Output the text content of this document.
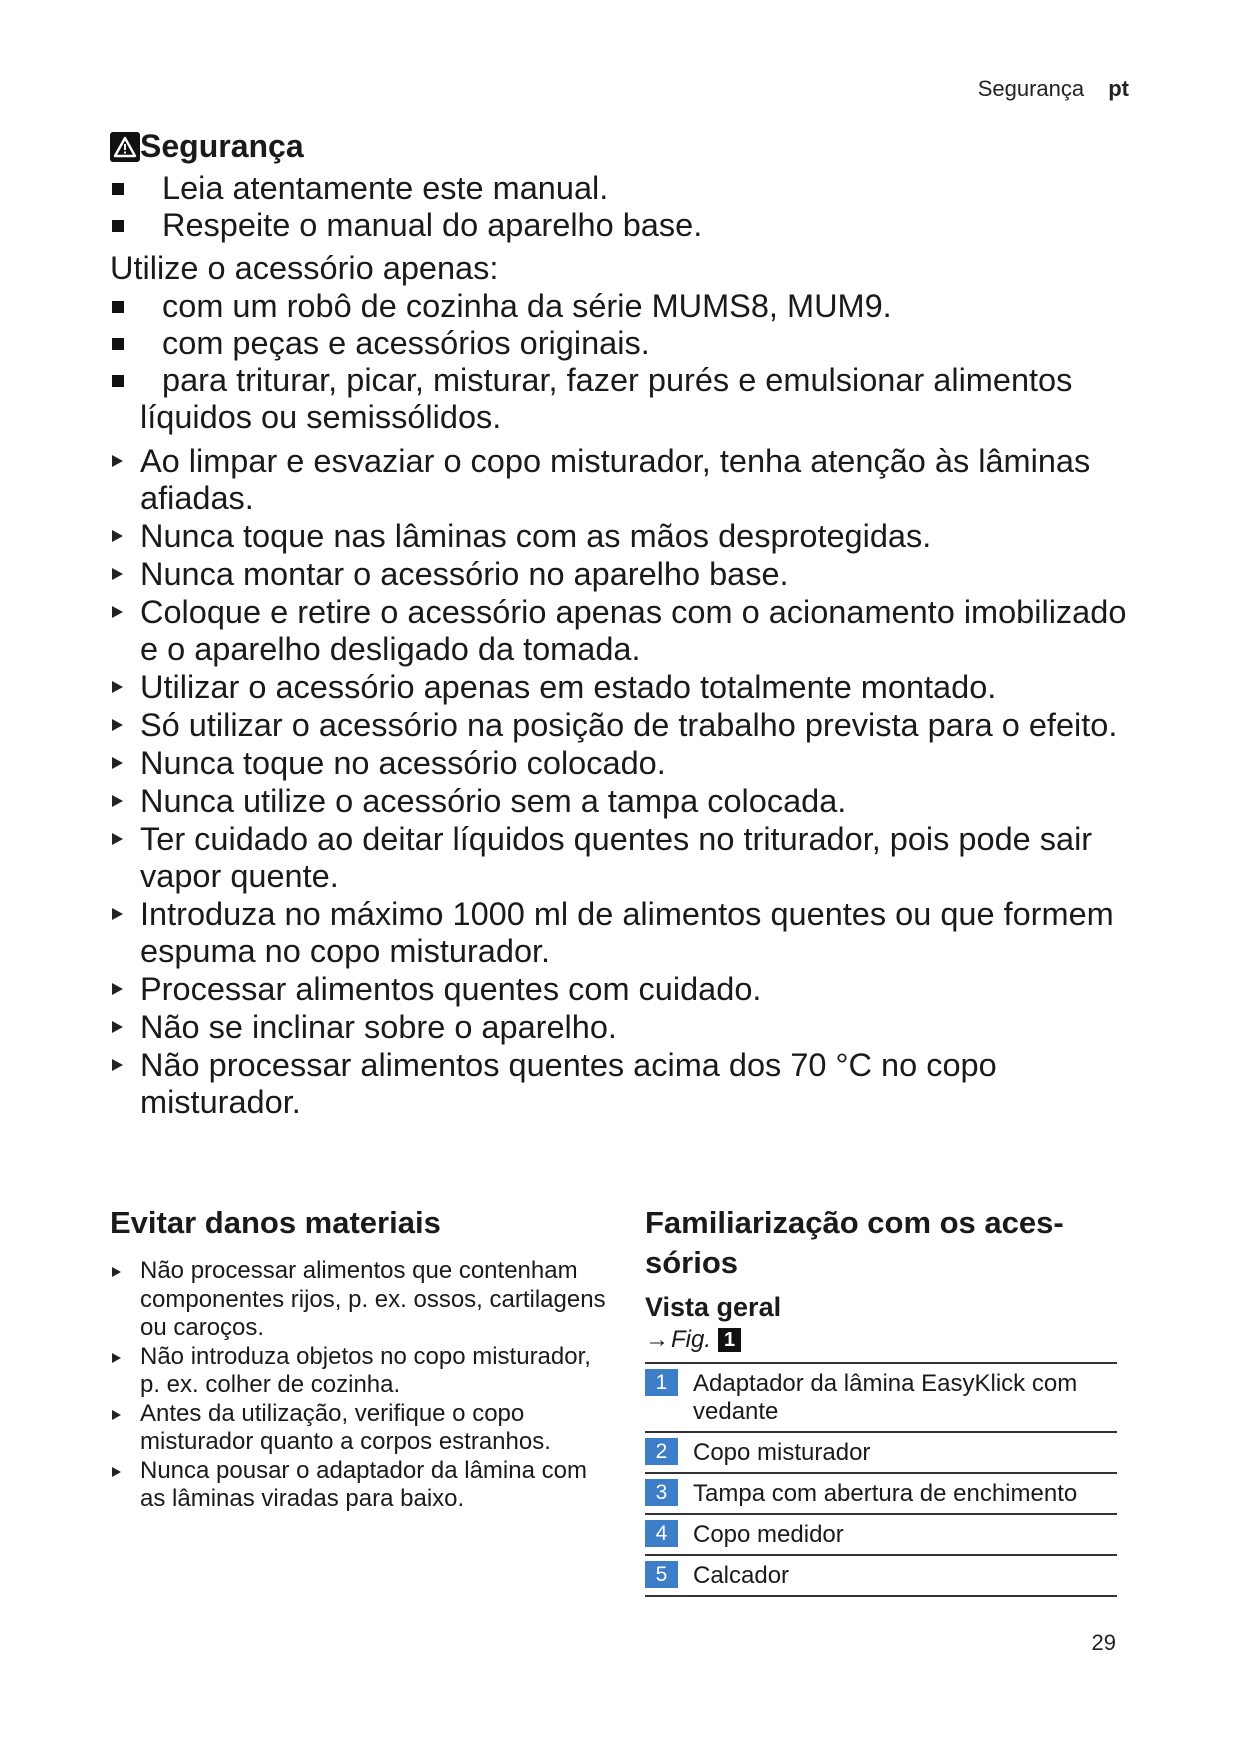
Segurança pt
Segurança
Leia atentamente este manual.
Respeite o manual do aparelho base.

Utilize o acessório apenas:

com um robô de cozinha da série MUMS8, MUM9.
com peças e acessórios originais.
para triturar, picar, misturar, fazer purés e emulsionar alimentos
líquidos ou semissólidos.
Ao limpar e esvaziar o copo misturador, tenha atenção às lâminas afiadas.
Nunca toque nas lâminas com as mãos desprotegidas.
Nunca montar o acessório no aparelho base.
Coloque e retire o acessório apenas com o acionamento imobilizado e o aparelho desligado da tomada.
Utilizar o acessório apenas em estado totalmente montado.
Só utilizar o acessório na posição de trabalho prevista para o efeito.
Nunca toque no acessório colocado.
Nunca utilize o acessório sem a tampa colocada.
Ter cuidado ao deitar líquidos quentes no triturador, pois pode sair vapor quente.
Introduza no máximo 1000 ml de alimentos quentes ou que formem espuma no copo misturador.
Processar alimentos quentes com cuidado.
Não se inclinar sobre o aparelho.
Não processar alimentos quentes acima dos 70 °C no copo misturador.
Evitar danos materiais
Não processar alimentos que contenham componentes rijos, p. ex. ossos, cartilagens ou caroços.
Não introduza objetos no copo misturador, p. ex. colher de cozinha.
Antes da utilização, verifique o copo misturador quanto a corpos estranhos.
Nunca pousar o adaptador da lâmina com as lâminas viradas para baixo.
Familiarização com os acessórios
Vista geral
→ Fig. 1
1	Adaptador da lâmina EasyKlick com vedante
2	Copo misturador
3	Tampa com abertura de enchimento
4	Copo medidor
5	Calcador
29
